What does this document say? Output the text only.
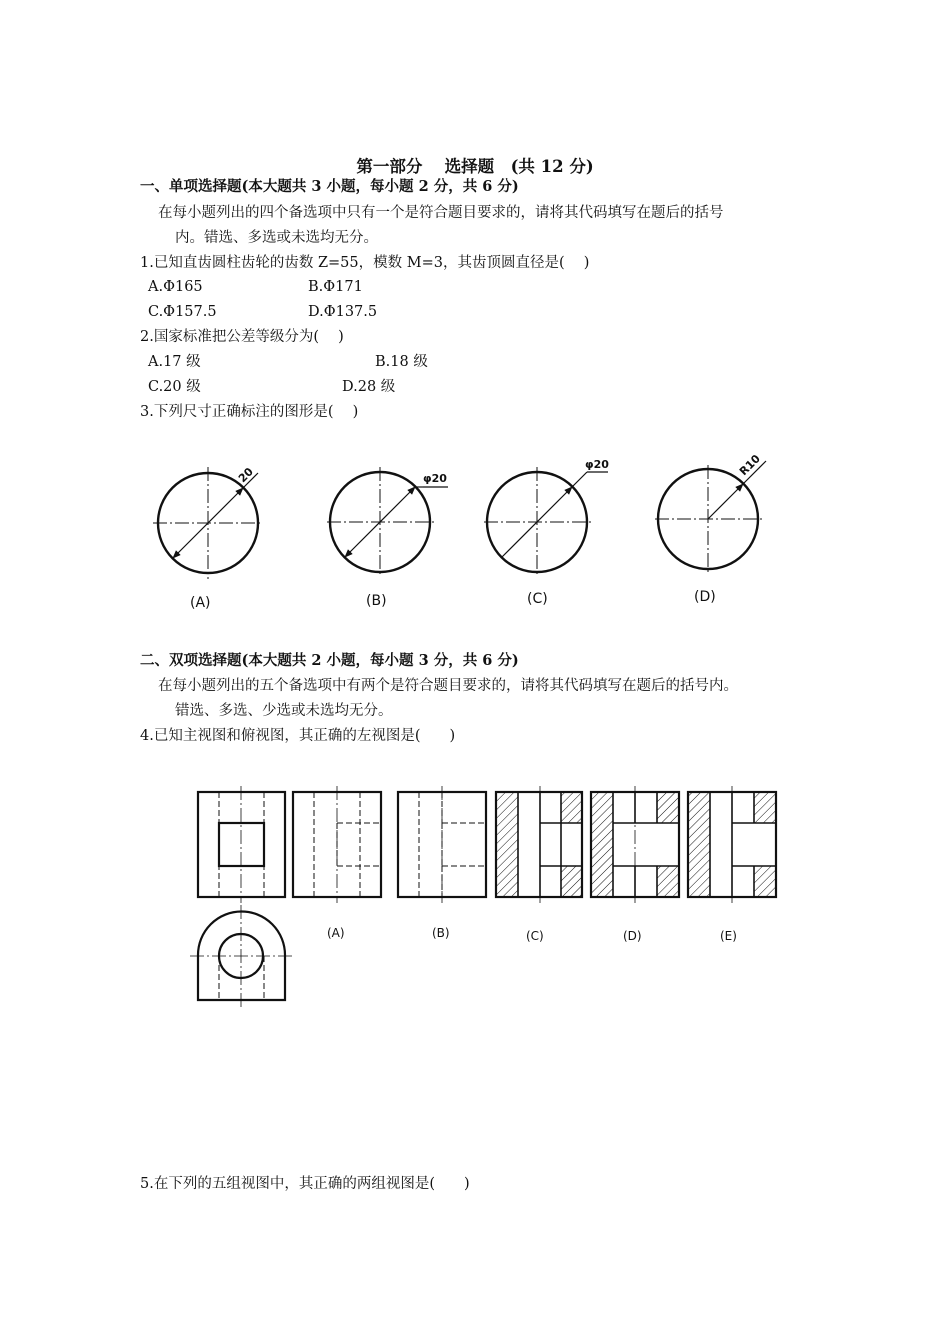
第一部分　 选择题　(共 12 分)
一、单项选择题(本大题共 3 小题，每小题 2 分，共 6 分)
在每小题列出的四个备选项中只有一个是符合题目要求的，请将其代码填写在题后的括号
内。错选、多选或未选均无分。
1.已知直齿圆柱齿轮的齿数 Z=55，模数 M=3，其齿顶圆直径是(　 )
A.Φ165	B.Φ171
C.Φ157.5	D.Φ137.5
2.国家标准把公差等级分为(　 )
A.17 级	B.18 级
C.20 级	D.28 级
3.下列尺寸正确标注的图形是(　 )
20	φ20
φ20	R10
(A)	(B)	(C)	(D)
二、双项选择题(本大题共 2 小题，每小题 3 分，共 6 分)
在每小题列出的五个备选项中有两个是符合题目要求的，请将其代码填写在题后的括号内。
错选、多选、少选或未选均无分。
4.已知主视图和俯视图，其正确的左视图是(　　)
(A)	(B)	(C)	(D)	(E)
5.在下列的五组视图中，其正确的两组视图是(　　)
